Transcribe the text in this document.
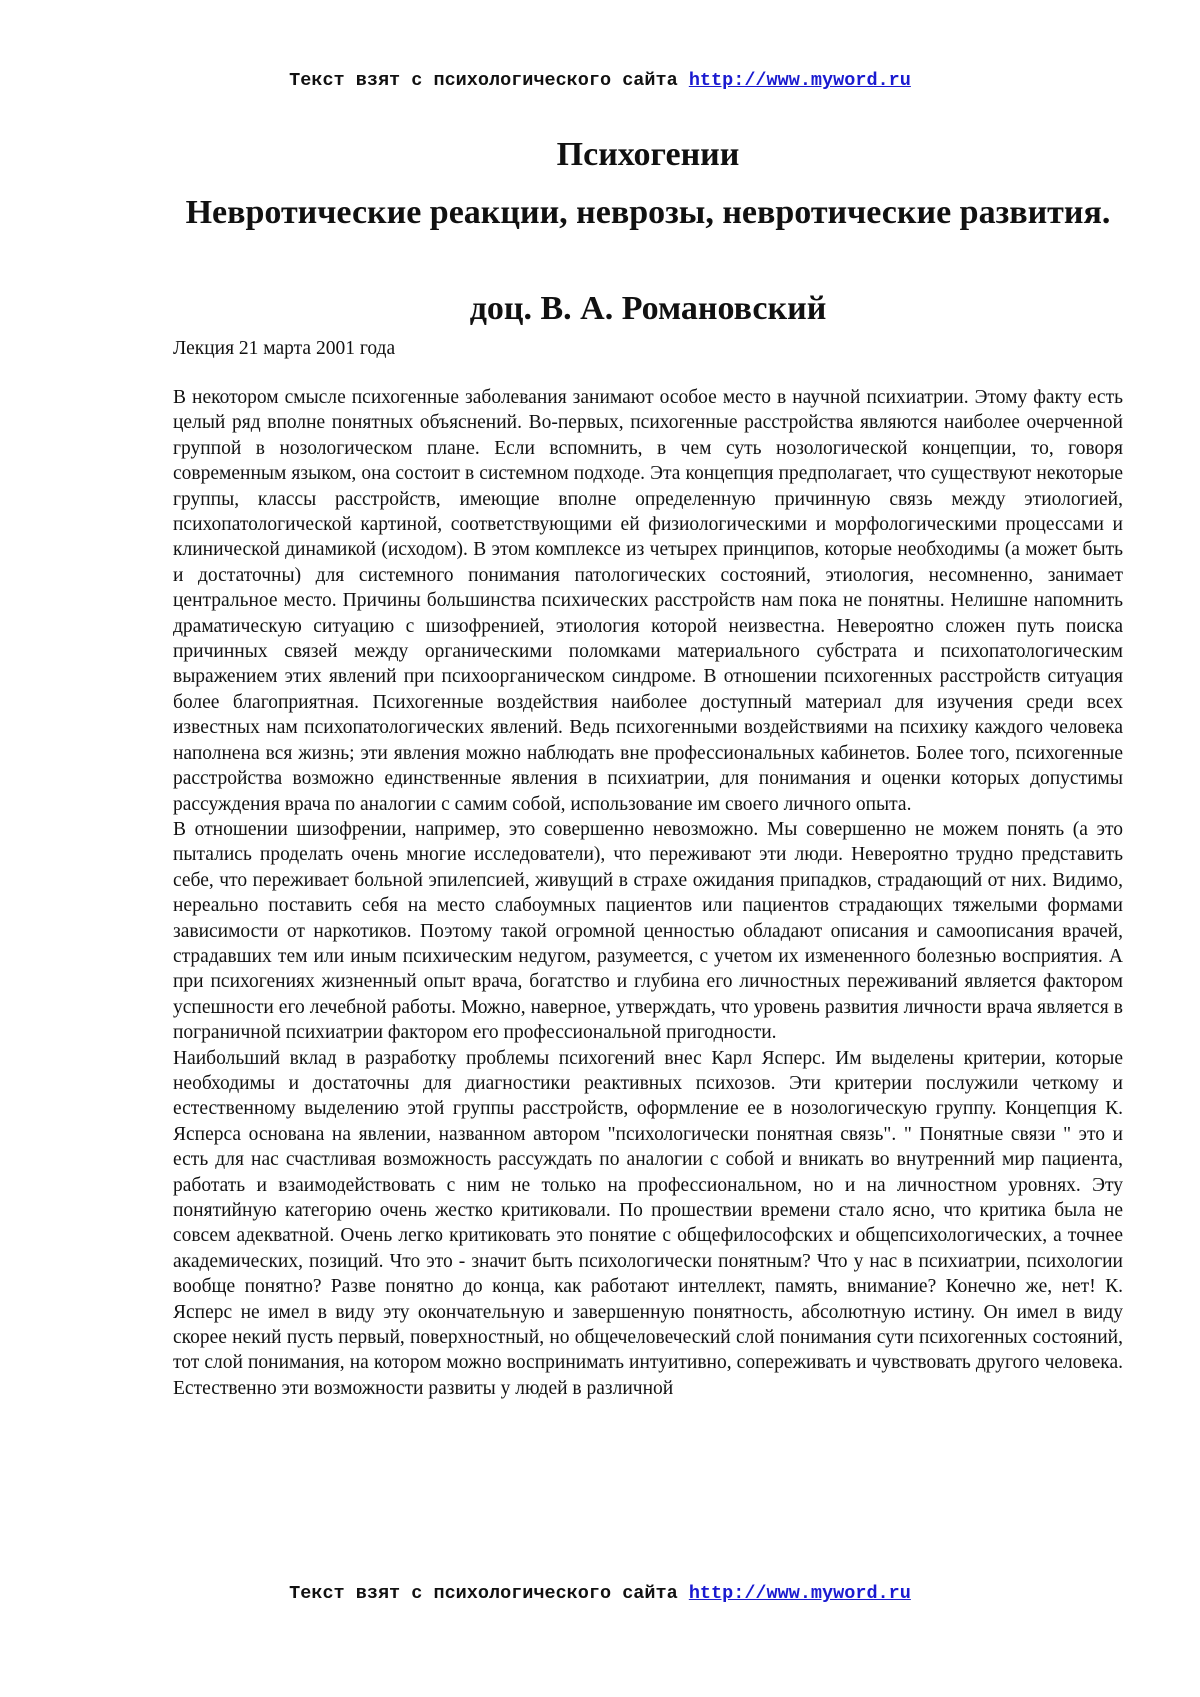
Текст взят с психологического сайта http://www.myword.ru
Психогении
Невротические реакции, неврозы, невротические развития.
доц. В. А. Романовский
Лекция 21 марта 2001 года

В некотором смысле психогенные заболевания занимают особое место в научной психиатрии. Этому факту есть целый ряд вполне понятных объяснений. Во-первых, психогенные расстройства являются наиболее очерченной группой в нозологическом плане. Если вспомнить, в чем суть нозологической концепции, то, говоря современным языком, она состоит в системном подходе. Эта концепция предполагает, что существуют некоторые группы, классы расстройств, имеющие вполне определенную причинную связь между этиологией, психопатологической картиной, соответствующими ей физиологическими и морфологическими процессами и клинической динамикой (исходом). В этом комплексе из четырех принципов, которые необходимы (а может быть и достаточны) для системного понимания патологических состояний, этиология, несомненно, занимает центральное место. Причины большинства психических расстройств нам пока не понятны. Нелишне напомнить драматическую ситуацию с шизофренией, этиология которой неизвестна. Невероятно сложен путь поиска причинных связей между органическими поломками материального субстрата и психопатологическим выражением этих явлений при психоорганическом синдроме. В отношении психогенных расстройств ситуация более благоприятная. Психогенные воздействия наиболее доступный материал для изучения среди всех известных нам психопатологических явлений. Ведь психогенными воздействиями на психику каждого человека наполнена вся жизнь; эти явления можно наблюдать вне профессиональных кабинетов. Более того, психогенные расстройства возможно единственные явления в психиатрии, для понимания и оценки которых допустимы рассуждения врача по аналогии с самим собой, использование им своего личного опыта.

В отношении шизофрении, например, это совершенно невозможно. Мы совершенно не можем понять (а это пытались проделать очень многие исследователи), что переживают эти люди. Невероятно трудно представить себе, что переживает больной эпилепсией, живущий в страхе ожидания припадков, страдающий от них. Видимо, нереально поставить себя на место слабоумных пациентов или пациентов страдающих тяжелыми формами зависимости от наркотиков. Поэтому такой огромной ценностью обладают описания и самоописания врачей, страдавших тем или иным психическим недугом, разумеется, с учетом их измененного болезнью восприятия. А при психогениях жизненный опыт врача, богатство и глубина его личностных переживаний является фактором успешности его лечебной работы. Можно, наверное, утверждать, что уровень развития личности врача является в пограничной психиатрии фактором его профессиональной пригодности.

Наибольший вклад в разработку проблемы психогений внес Карл Ясперс. Им выделены критерии, которые необходимы и достаточны для диагностики реактивных психозов. Эти критерии послужили четкому и естественному выделению этой группы расстройств, оформление ее в нозологическую группу. Концепция К. Ясперса основана на явлении, названном автором "психологически понятная связь". " Понятные связи " это и есть для нас счастливая возможность рассуждать по аналогии с собой и вникать во внутренний мир пациента, работать и взаимодействовать с ним не только на профессиональном, но и на личностном уровнях. Эту понятийную категорию очень жестко критиковали. По прошествии времени стало ясно, что критика была не совсем адекватной. Очень легко критиковать это понятие с общефилософских и общепсихологических, а точнее академических, позиций. Что это - значит быть психологически понятным? Что у нас в психиатрии, психологии вообще понятно? Разве понятно до конца, как работают интеллект, память, внимание? Конечно же, нет! К. Ясперс не имел в виду эту окончательную и завершенную понятность, абсолютную истину. Он имел в виду скорее некий пусть первый, поверхностный, но общечеловеческий слой понимания сути психогенных состояний, тот слой понимания, на котором можно воспринимать интуитивно, сопереживать и чувствовать другого человека. Естественно эти возможности развиты у людей в различной

Текст взят с психологического сайта http://www.myword.ru
